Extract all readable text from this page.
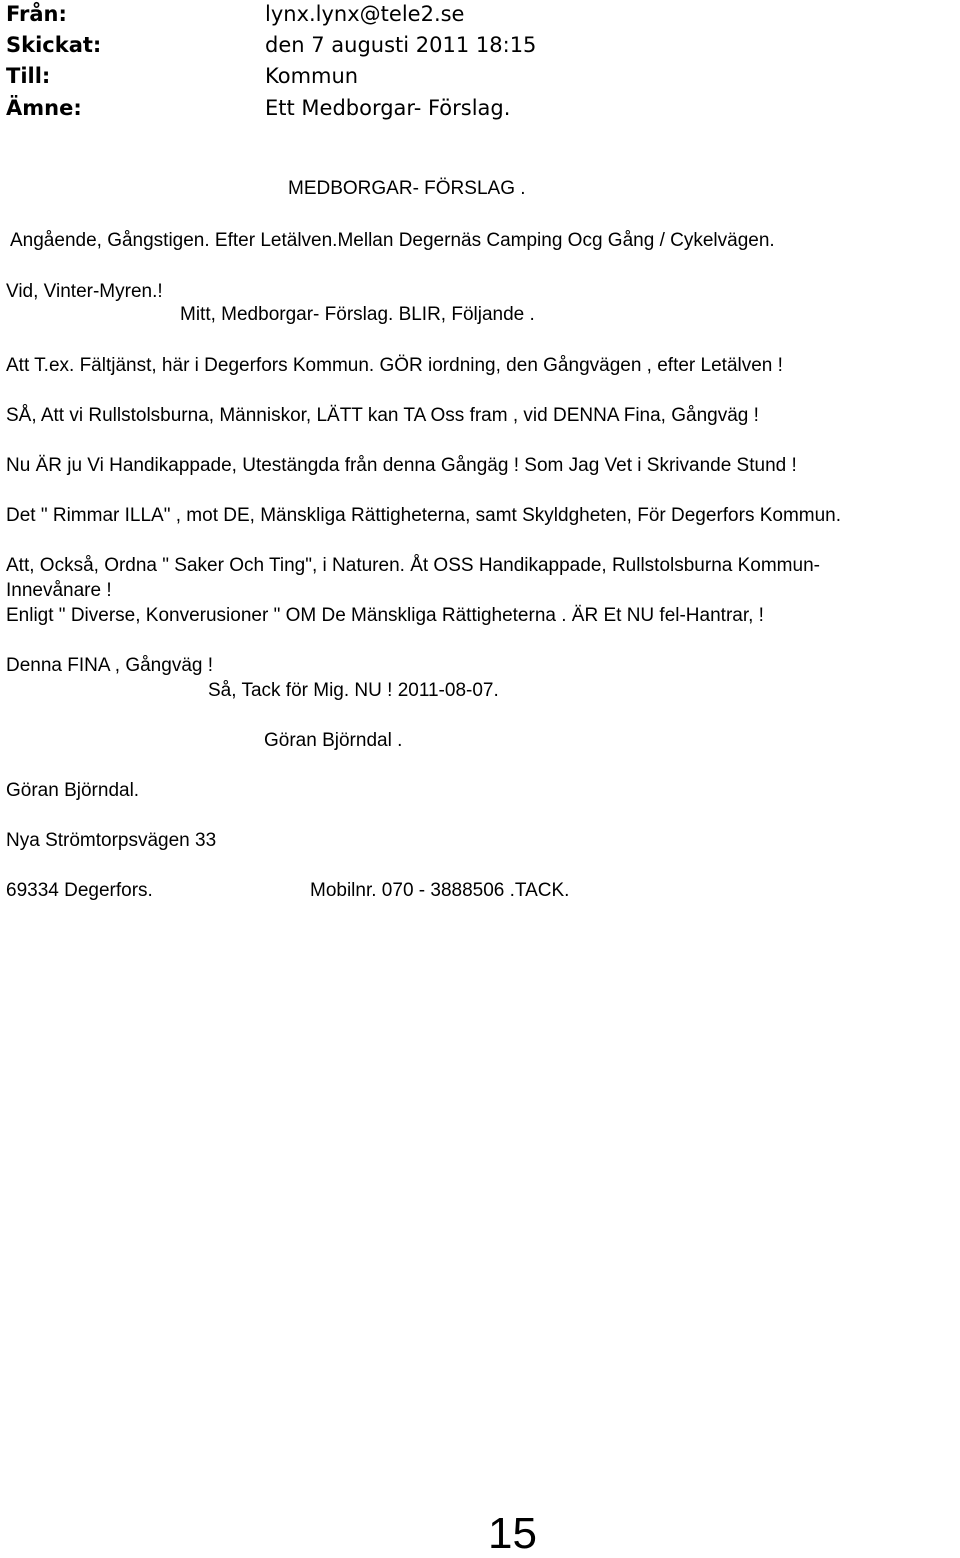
Från:	lynx.lynx@tele2.se
Skickat:	den 7 augusti 2011 18:15
Till:	Kommun
Ämne:	Ett Medborgar- Förslag.
MEDBORGAR- FÖRSLAG .
Angående, Gångstigen. Efter Letälven.Mellan Degernäs Camping Ocg Gång / Cykelvägen.
Vid, Vinter-Myren.!
Mitt, Medborgar- Förslag. BLIR, Följande .
Att T.ex. Fältjänst, här i Degerfors Kommun. GÖR iordning, den Gångvägen , efter Letälven !
SÅ, Att vi Rullstolsburna, Människor, LÄTT kan TA Oss fram , vid DENNA Fina, Gångväg !
Nu ÄR ju Vi Handikappade, Utestängda från denna Gångäg ! Som Jag Vet i Skrivande Stund !
Det " Rimmar ILLA" , mot DE, Mänskliga Rättigheterna, samt Skyldgheten, För Degerfors Kommun.
Att, Också, Ordna " Saker Och Ting", i Naturen. Åt OSS Handikappade, Rullstolsburna Kommun-
Innevånare !
Enligt " Diverse, Konverusioner " OM De Mänskliga Rättigheterna . ÄR Et NU fel-Hantrar, !
Denna FINA , Gångväg !
Så, Tack för Mig. NU ! 2011-08-07.
Göran Björndal .
Göran Björndal.
Nya Strömtorpsvägen 33
69334 Degerfors.	Mobilnr. 070 - 3888506 .TACK.
15
